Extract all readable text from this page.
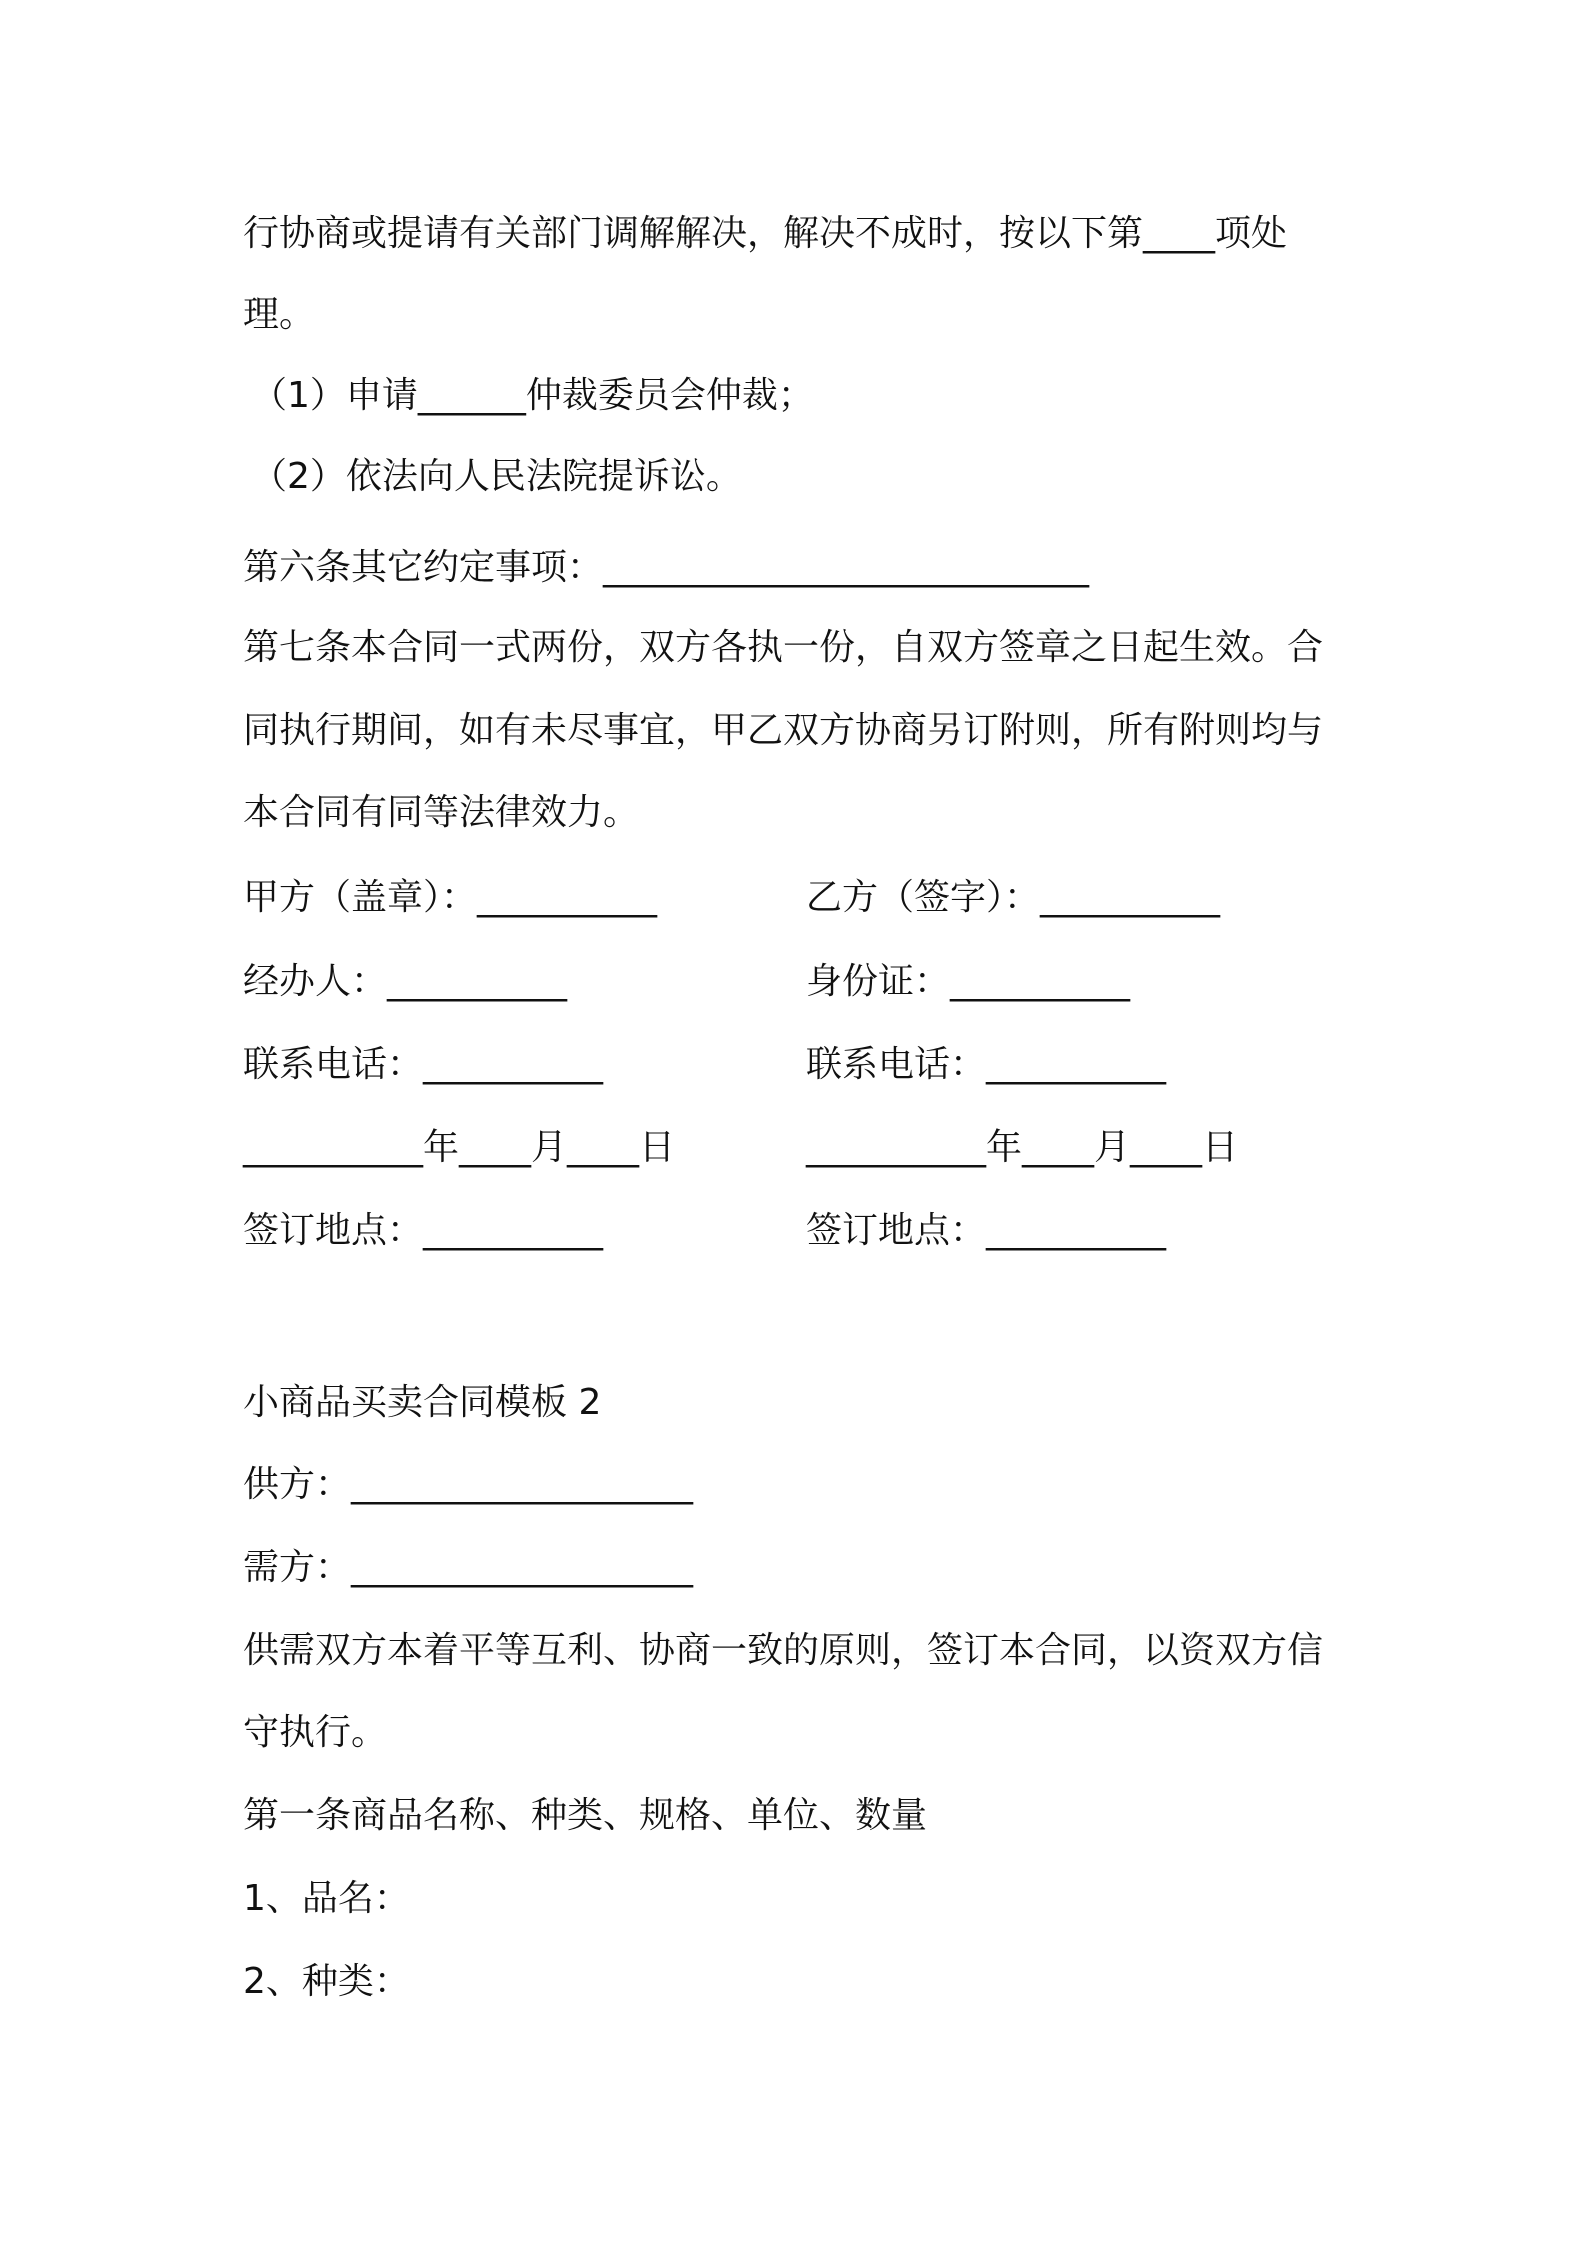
行协商或提请有关部门调解解决，解决不成时，按以下第____项处
理。
（1）申请______仲裁委员会仲裁；
（2）依法向人民法院提诉讼。
第六条其它约定事项：___________________________
第七条本合同一式两份，双方各执一份，自双方签章之日起生效。合
同执行期间，如有未尽事宜，甲乙双方协商另订附则，所有附则均与
本合同有同等法律效力。
甲方（盖章）：__________	乙方（签字）：__________
经办人：__________	身份证：__________
联系电话：__________	联系电话：__________
__________年____月____日	__________年____月____日
签订地点：__________	签订地点：__________
小商品买卖合同模板 2
供方：___________________
需方：___________________
供需双方本着平等互利、协商一致的原则，签订本合同，以资双方信
守执行。
第一条商品名称、种类、规格、单位、数量
1、品名：
2、种类：
